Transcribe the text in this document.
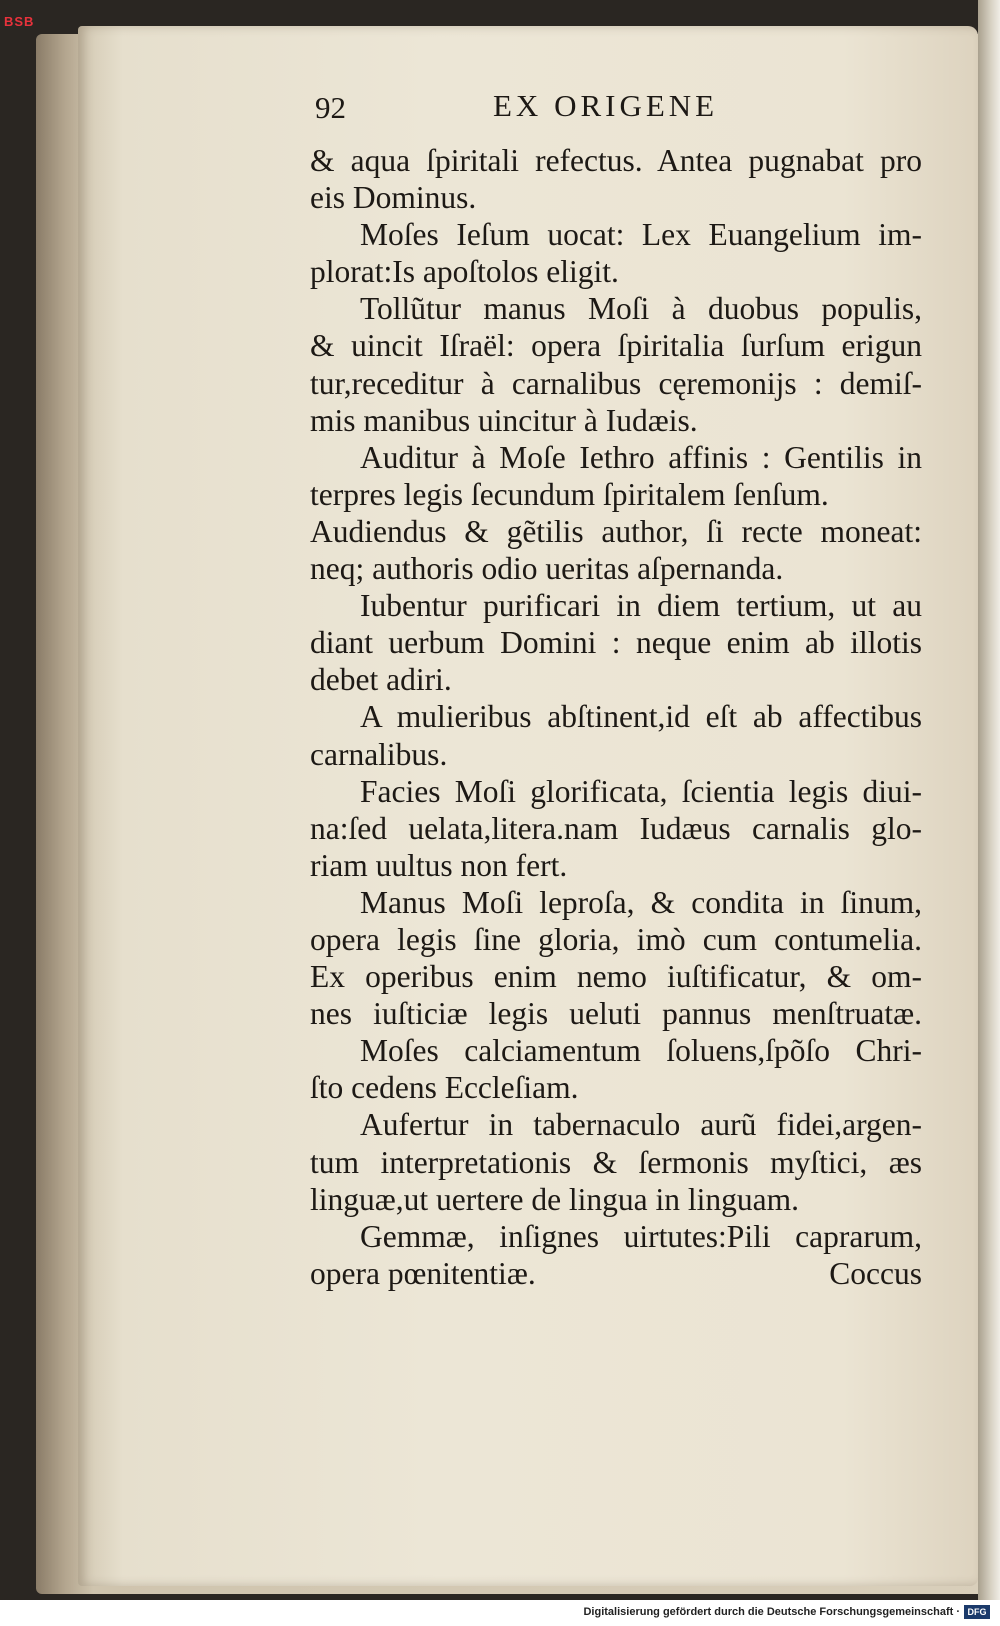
BSB
92	EX ORIGENE
& aqua ſpiritali refectus. Antea pugnabat pro
eis Dominus.
Moſes Ieſum uocat: Lex Euangelium im-
plorat:Is apoſtolos eligit.
Tollũtur manus Moſi à duobus populis,
& uincit Iſraël: opera ſpiritalia ſurſum erigun
tur,receditur à carnalibus cęremonijs : demiſ-
mis manibus uincitur à Iudæis.
Auditur à Moſe Iethro affinis : Gentilis in
terpres legis ſecundum ſpiritalem ſenſum.
Audiendus & gẽtilis author, ſi recte moneat:
neq; authoris odio ueritas aſpernanda.
Iubentur purificari in diem tertium, ut au
diant uerbum Domini : neque enim ab illotis
debet adiri.
A mulieribus abſtinent,id eſt ab affectibus
carnalibus.
Facies Moſi glorificata, ſcientia legis diui-
na:ſed uelata,litera.nam Iudæus carnalis glo-
riam uultus non fert.
Manus Moſi leproſa, & condita in ſinum,
opera legis ſine gloria, imò cum contumelia.
Ex operibus enim nemo iuſtificatur, & om-
nes iuſticiæ legis ueluti pannus menſtruatæ.
Moſes calciamentum ſoluens,ſpõſo Chri-
ſto cedens Eccleſiam.
Aufertur in tabernaculo aurũ fidei,argen-
tum interpretationis & ſermonis myſtici, æs
linguæ,ut uertere de lingua in linguam.
Gemmæ, inſignes uirtutes:Pili caprarum,
opera pœnitentiæ.	Coccus
Digitalisierung gefördert durch die Deutsche Forschungsgemeinschaft · DFG
